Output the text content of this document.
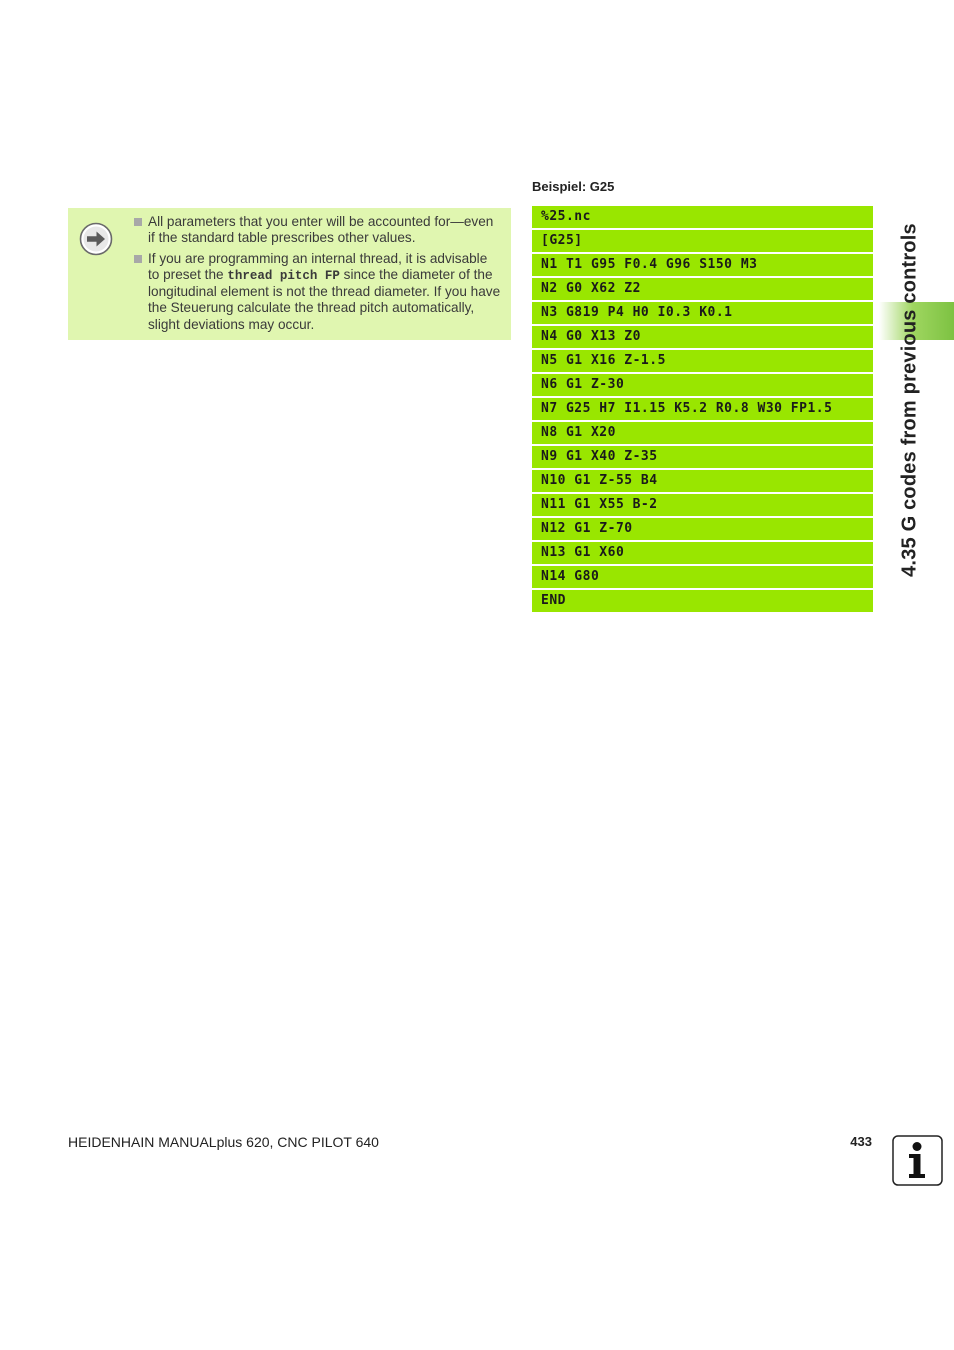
All parameters that you enter will be accounted for—even if the standard table prescribes other values.
If you are programming an internal thread, it is advisable to preset the thread pitch FP since the diameter of the longitudinal element is not the thread diameter. If you have the Steuerung calculate the thread pitch automatically, slight deviations may occur.
Beispiel: G25
%25.nc
[G25]
N1 T1 G95 F0.4 G96 S150 M3
N2 G0 X62 Z2
N3 G819 P4 H0 I0.3 K0.1
N4 G0 X13 Z0
N5 G1 X16 Z-1.5
N6 G1 Z-30
N7 G25 H7 I1.15 K5.2 R0.8 W30 FP1.5
N8 G1 X20
N9 G1 X40 Z-35
N10 G1 Z-55 B4
N11 G1 X55 B-2
N12 G1 Z-70
N13 G1 X60
N14 G80
END
4.35 G codes from previous controls
HEIDENHAIN MANUALplus 620, CNC PILOT 640	433
